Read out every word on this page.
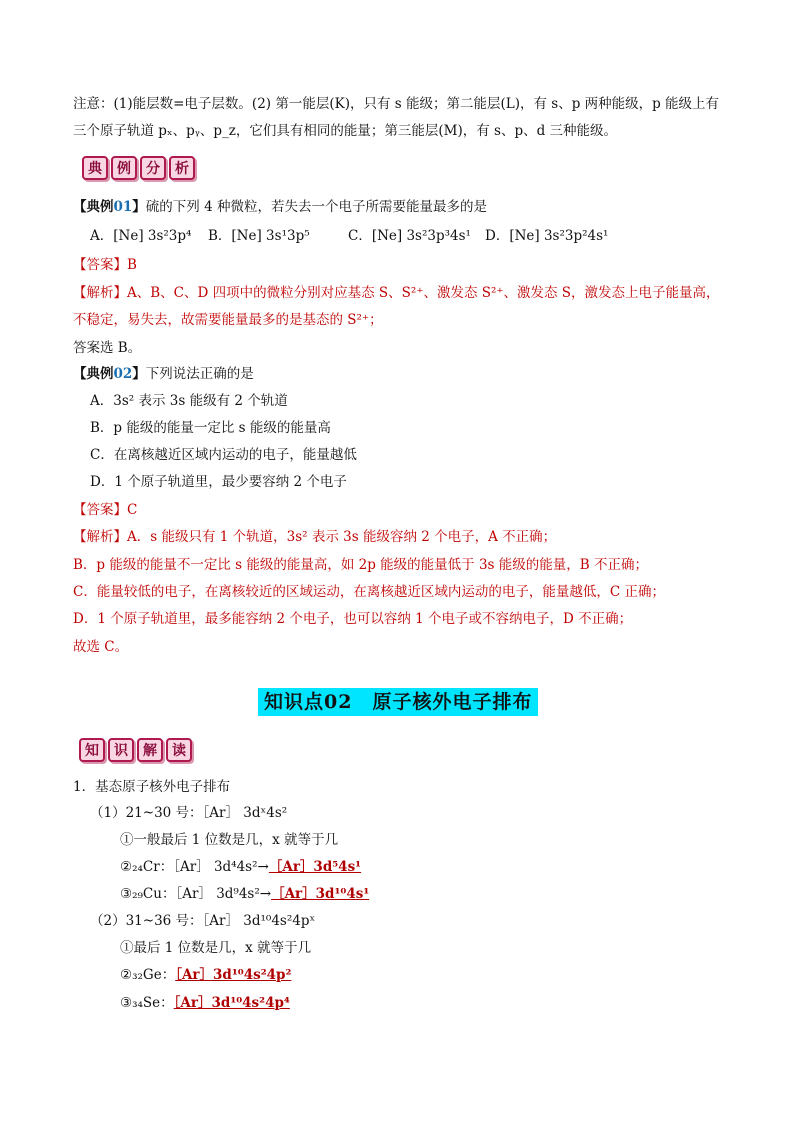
注意：(1)能层数=电子层数。(2) 第一能层(K)，只有 s 能级；第二能层(L)，有 s、p 两种能级，p 能级上有
三个原子轨道 pₓ、pᵧ、p_z，它们具有相同的能量；第三能层(M)，有 s、p、d 三种能级。
典	例	分	析
【典例01】硫的下列 4 种微粒，若失去一个电子所需要能量最多的是
A．[Ne] 3s²3p⁴ B．[Ne] 3s¹3p⁵	C．[Ne] 3s²3p³4s¹ D．[Ne] 3s²3p²4s¹
【答案】B
【解析】A、B、C、D 四项中的微粒分别对应基态 S、S²⁺、激发态 S²⁺、激发态 S，激发态上电子能量高，
不稳定，易失去，故需要能量最多的是基态的 S²⁺；
答案选 B。
【典例02】下列说法正确的是
A．3s² 表示 3s 能级有 2 个轨道
B．p 能级的能量一定比 s 能级的能量高
C．在离核越近区域内运动的电子，能量越低
D．1 个原子轨道里，最少要容纳 2 个电子
【答案】C
【解析】A．s 能级只有 1 个轨道，3s² 表示 3s 能级容纳 2 个电子，A 不正确；
B．p 能级的能量不一定比 s 能级的能量高，如 2p 能级的能量低于 3s 能级的能量，B 不正确；
C．能量较低的电子，在离核较近的区域运动，在离核越近区域内运动的电子，能量越低，C 正确；
D．1 个原子轨道里，最多能容纳 2 个电子，也可以容纳 1 个电子或不容纳电子，D 不正确；
故选 C。
知识点02　原子核外电子排布
知	识	解	读
1．基态原子核外电子排布
（1）21~30 号：［Ar］ 3dˣ4s²
①一般最后 1 位数是几，x 就等于几
②₂₄Cr：［Ar］ 3d⁴4s²→［Ar］3d⁵4s¹
③₂₉Cu：［Ar］ 3d⁹4s²→［Ar］3d¹⁰4s¹
（2）31~36 号：［Ar］ 3d¹⁰4s²4pˣ
①最后 1 位数是几，x 就等于几
②₃₂Ge：［Ar］3d¹⁰4s²4p²
③₃₄Se：［Ar］3d¹⁰4s²4p⁴
